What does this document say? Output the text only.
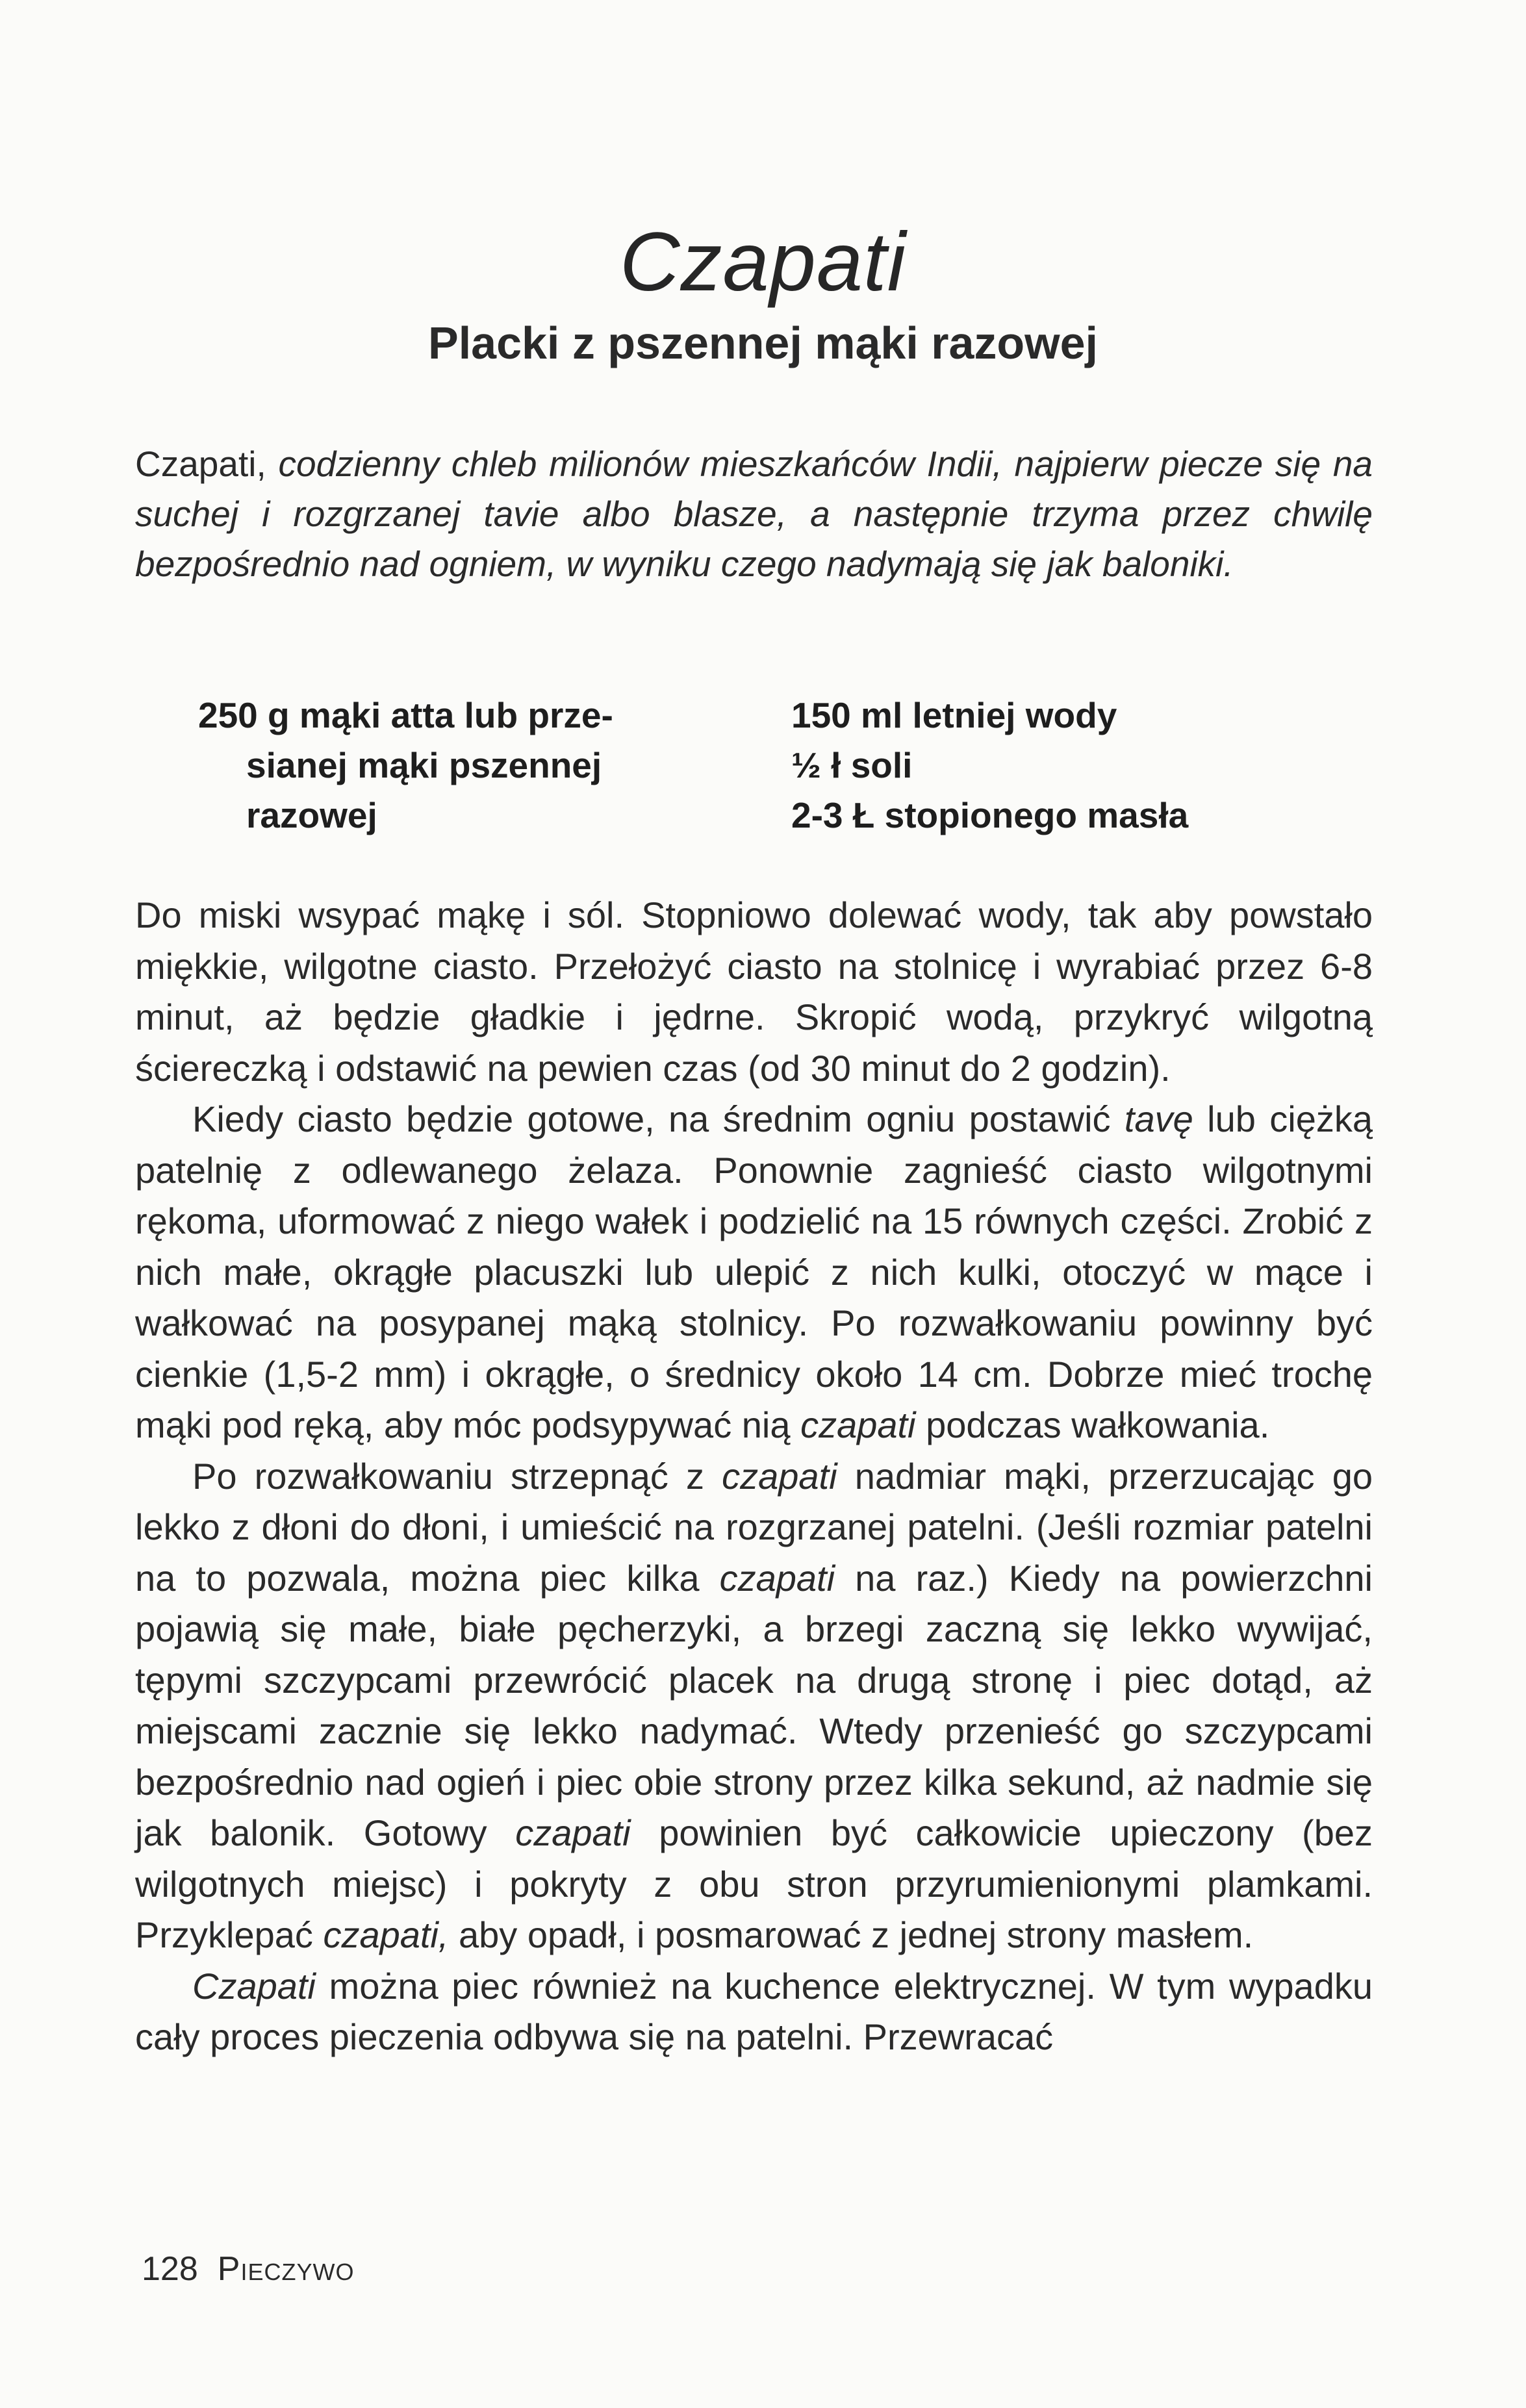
Czapati
Placki z pszennej mąki razowej

Czapati, codzienny chleb milionów mieszkańców Indii, najpierw piecze się na suchej i rozgrzanej tavie albo blasze, a następnie trzyma przez chwilę bezpośrednio nad ogniem, w wyniku czego nadymają się jak baloniki.

250 g mąki atta lub prze-
sianej mąki pszennej
razowej
150 ml letniej wody
½ ł soli
2-3 Ł stopionego masła

Do miski wsypać mąkę i sól. Stopniowo dolewać wody, tak aby powstało miękkie, wilgotne ciasto. Przełożyć ciasto na stolnicę i wyrabiać przez 6-8 minut, aż będzie gładkie i jędrne. Skropić wodą, przykryć wilgotną ściereczką i odstawić na pewien czas (od 30 minut do 2 godzin).

Kiedy ciasto będzie gotowe, na średnim ogniu postawić tavę lub ciężką patelnię z odlewanego żelaza. Ponownie zagnieść ciasto wilgotnymi rękoma, uformować z niego wałek i podzielić na 15 równych części. Zrobić z nich małe, okrągłe placuszki lub ulepić z nich kulki, otoczyć w mące i wałkować na posypanej mąką stolnicy. Po rozwałkowaniu powinny być cienkie (1,5-2 mm) i okrągłe, o średnicy około 14 cm. Dobrze mieć trochę mąki pod ręką, aby móc podsypywać nią czapati podczas wałkowania.

Po rozwałkowaniu strzepnąć z czapati nadmiar mąki, przerzucając go lekko z dłoni do dłoni, i umieścić na rozgrzanej patelni. (Jeśli rozmiar patelni na to pozwala, można piec kilka czapati na raz.) Kiedy na powierzchni pojawią się małe, białe pęcherzyki, a brzegi zaczną się lekko wywijać, tępymi szczypcami przewrócić placek na drugą stronę i piec dotąd, aż miejscami zacznie się lekko nadymać. Wtedy przenieść go szczypcami bezpośrednio nad ogień i piec obie strony przez kilka sekund, aż nadmie się jak balonik. Gotowy czapati powinien być całkowicie upieczony (bez wilgotnych miejsc) i pokryty z obu stron przyrumienionymi plamkami. Przyklepać czapati, aby opadł, i posmarować z jednej strony masłem.

Czapati można piec również na kuchence elektrycznej. W tym wypadku cały proces pieczenia odbywa się na patelni. Przewracać

128 Pieczywo
